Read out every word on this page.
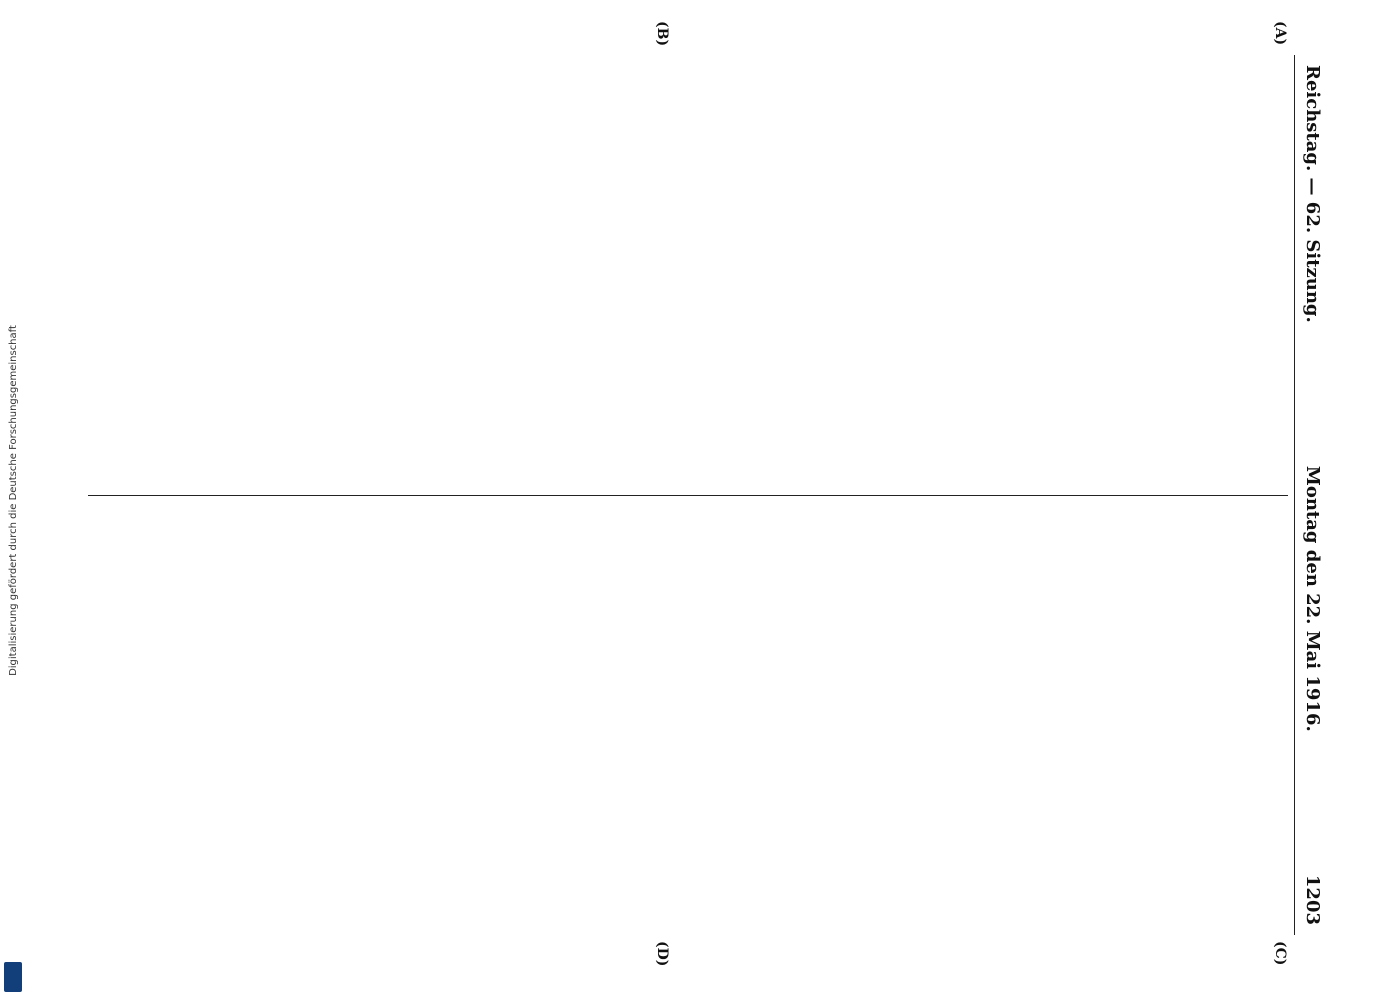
Reichstag. — 62. Sitzung.
Montag den 22. Mai 1916.
1203
(A)
(B)
(C)
(D)
Digitalisierung gefördert durch die Deutsche Forschungsgemeinschaft
